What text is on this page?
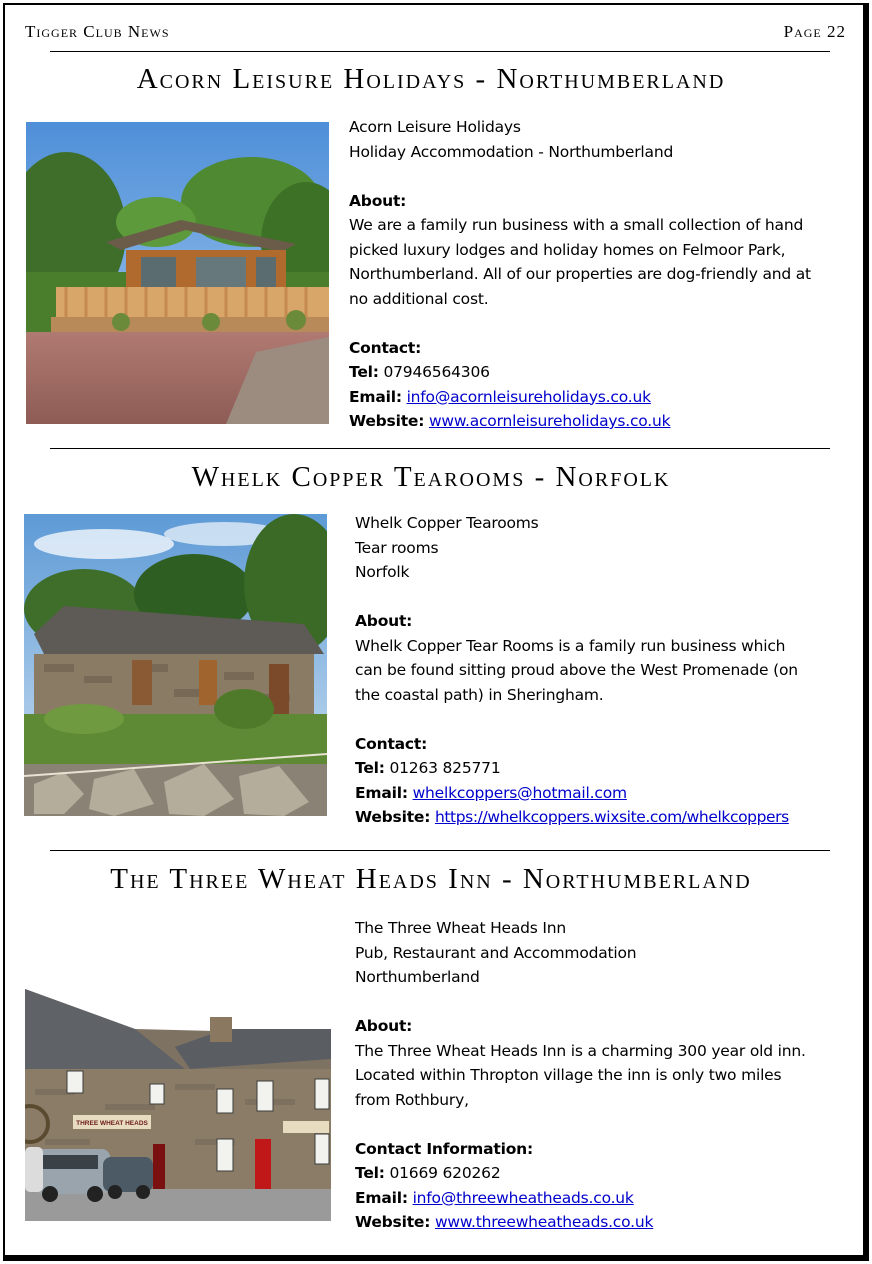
Tigger Club News	Page 22
Acorn Leisure Holidays - Northumberland
Acorn Leisure Holidays
Holiday Accommodation - Northumberland
About:
We are a family run business with a small collection of hand
picked luxury lodges and holiday homes on Felmoor Park,
Northumberland. All of our properties are dog-friendly and at
no additional cost.
Contact:
Tel: 07946564306
Email: info@acornleisureholidays.co.uk
Website: www.acornleisureholidays.co.uk
Whelk Copper Tearooms - Norfolk
Whelk Copper Tearooms
Tear rooms
Norfolk
About:
Whelk Copper Tear Rooms is a family run business which
can be found sitting proud above the West Promenade (on
the coastal path) in Sheringham.
Contact:
Tel: 01263 825771
Email: whelkcoppers@hotmail.com
Website: https://whelkcoppers.wixsite.com/whelkcoppers
The Three Wheat Heads Inn - Northumberland
THREE WHEAT HEADS
The Three Wheat Heads Inn
Pub, Restaurant and Accommodation
Northumberland
About:
The Three Wheat Heads Inn is a charming 300 year old inn.
Located within Thropton village the inn is only two miles
from Rothbury,
Contact Information:
Tel: 01669 620262
Email: info@threewheatheads.co.uk
Website: www.threewheatheads.co.uk
